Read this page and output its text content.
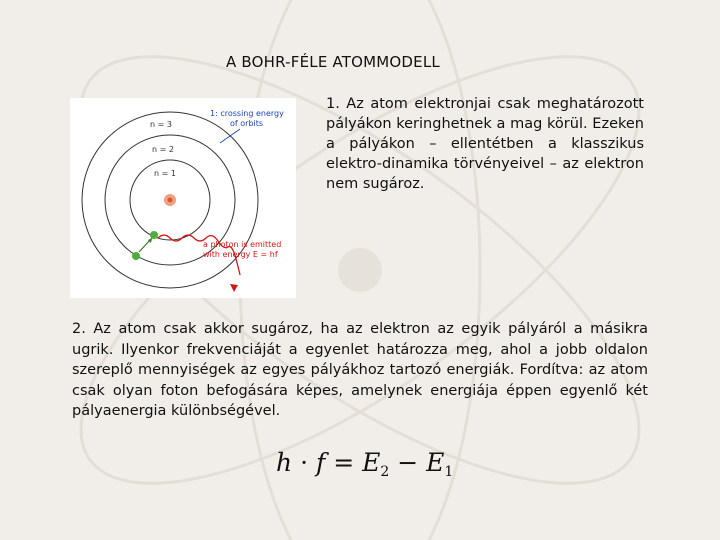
A BOHR-FÉLE ATOMMODELL
n = 3
n = 2
n = 1
1: crossing energy
of orbits
a photon is emitted
with energy E = hf
1. Az atom elektronjai csak meghatározott pályákon keringhetnek a mag körül. Ezeken a pályákon – ellentétben a klasszikus elektro-dinamika törvényeivel – az elektron nem sugároz.
2. Az atom csak akkor sugároz, ha az elektron az egyik pályáról a másikra ugrik. Ilyenkor frekvenciáját a egyenlet határozza meg, ahol a jobb oldalon szereplő mennyiségek az egyes pályákhoz tartozó energiák. Fordítva: az atom csak olyan foton befogására képes, amelynek energiája éppen egyenlő két pályaenergia különbségével.
$h \cdot f = E_2 - E_1$
